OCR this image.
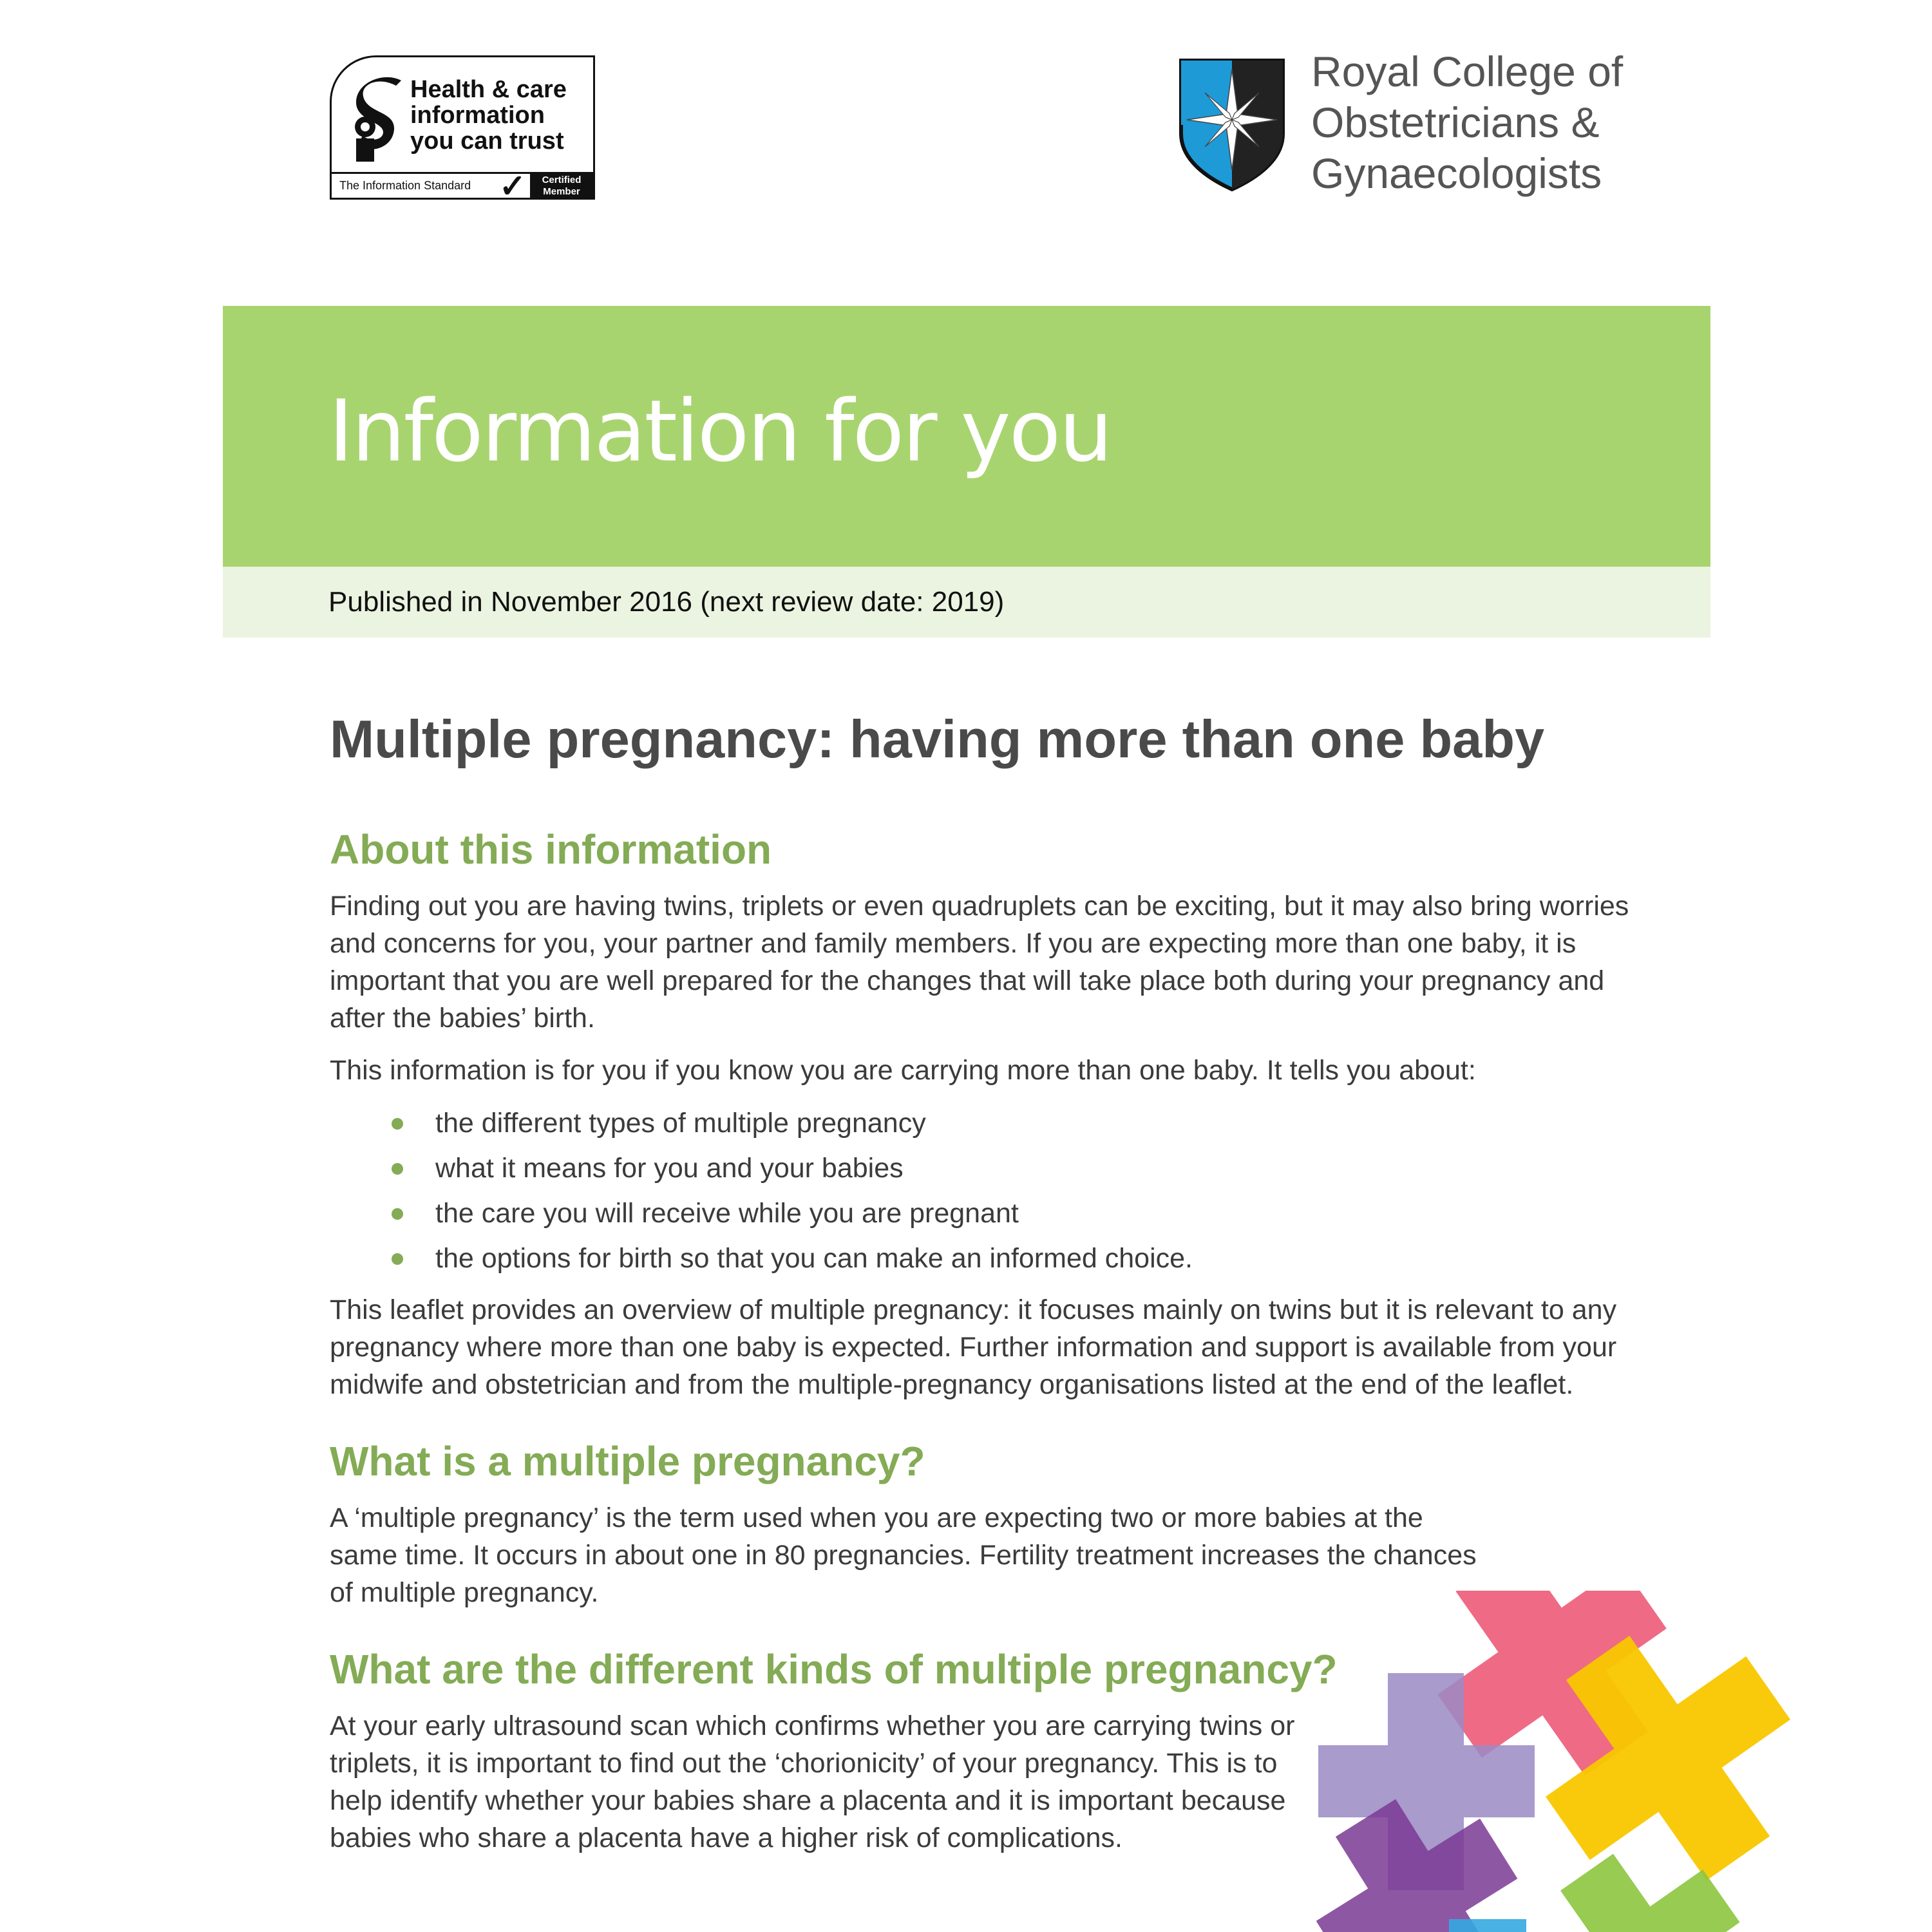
Health & care
information
you can trust
The Information Standard ✓	Certified
Member
Royal College of
Obstetricians &
Gynaecologists
Information for you
Published in November 2016 (next review date: 2019)
Multiple pregnancy: having more than one baby
About this information

Finding out you are having twins, triplets or even quadruplets can be exciting, but it may also bring worries and concerns for you, your partner and family members. If you are expecting more than one baby, it is important that you are well prepared for the changes that will take place both during your pregnancy and after the babies’ birth.

This information is for you if you know you are carrying more than one baby. It tells you about:

the different types of multiple pregnancy
what it means for you and your babies
the care you will receive while you are pregnant
the options for birth so that you can make an informed choice.

This leaflet provides an overview of multiple pregnancy: it focuses mainly on twins but it is relevant to any pregnancy where more than one baby is expected. Further information and support is available from your midwife and obstetrician and from the multiple-pregnancy organisations listed at the end of the leaflet.

What is a multiple pregnancy?

A ‘multiple pregnancy’ is the term used when you are expecting two or more babies at the same time. It occurs in about one in 80 pregnancies. Fertility treatment increases the chances of multiple pregnancy.

What are the different kinds of multiple pregnancy?

At your early ultrasound scan which confirms whether you are carrying twins or triplets, it is important to find out the ‘chorionicity’ of your pregnancy. This is to help identify whether your babies share a placenta and it is important because babies who share a placenta have a higher risk of complications.
